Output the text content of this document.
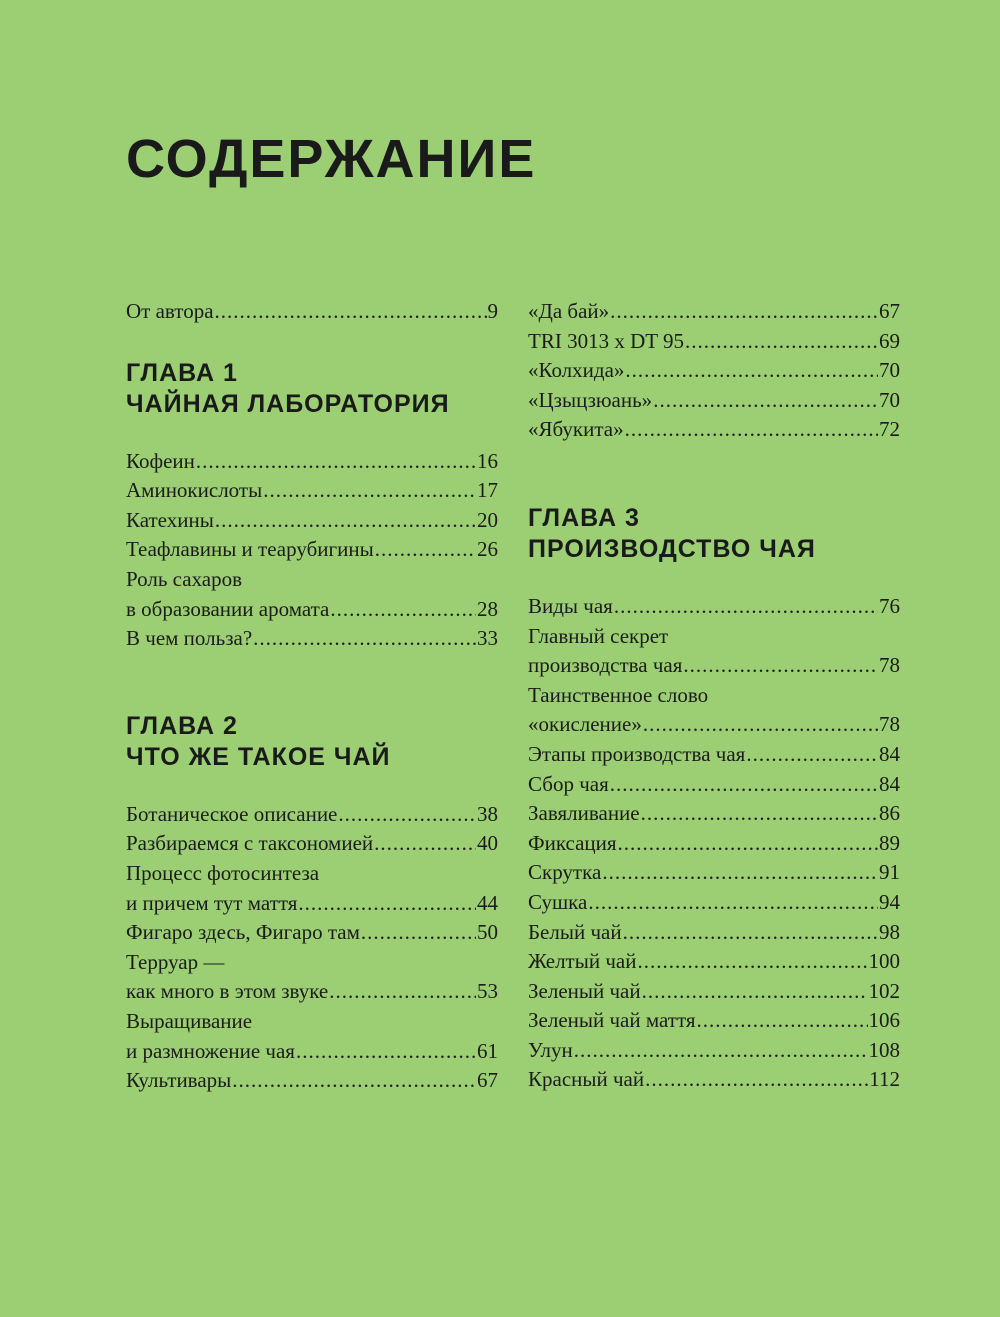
СОДЕРЖАНИЕ
От автора .....	9
ГЛАВА 1
ЧАЙНАЯ ЛАБОРАТОРИЯ
Кофеин .....	16
Аминокислоты .....	17
Катехины .....	20
Теафлавины и теарубигины .....	26
Роль сахаров
в образовании аромата .....	28
В чем польза? .....	33
ГЛАВА 2
ЧТО ЖЕ ТАКОЕ ЧАЙ
Ботаническое описание .....	38
Разбираемся с таксономией .....	40
Процесс фотосинтеза
и причем тут маття .....	44
Фигаро здесь, Фигаро там .....	50
Терруар —
как много в этом звуке .....	53
Выращивание
и размножение чая .....	61
Культивары .....	67
«Да бай» .....	67
TRI 3013 x DT 95 .....	69
«Колхида» .....	70
«Цзыцзюань» .....	70
«Ябукита» .....	72
ГЛАВА 3
ПРОИЗВОДСТВО ЧАЯ
Виды чая .....	76
Главный секрет
производства чая .....	78
Таинственное слово
«окисление» .....	78
Этапы производства чая .....	84
Сбор чая .....	84
Завяливание .....	86
Фиксация .....	89
Скрутка .....	91
Сушка .....	94
Белый чай .....	98
Желтый чай .....	100
Зеленый чай .....	102
Зеленый чай маття .....	106
Улун .....	108
Красный чай .....	112
